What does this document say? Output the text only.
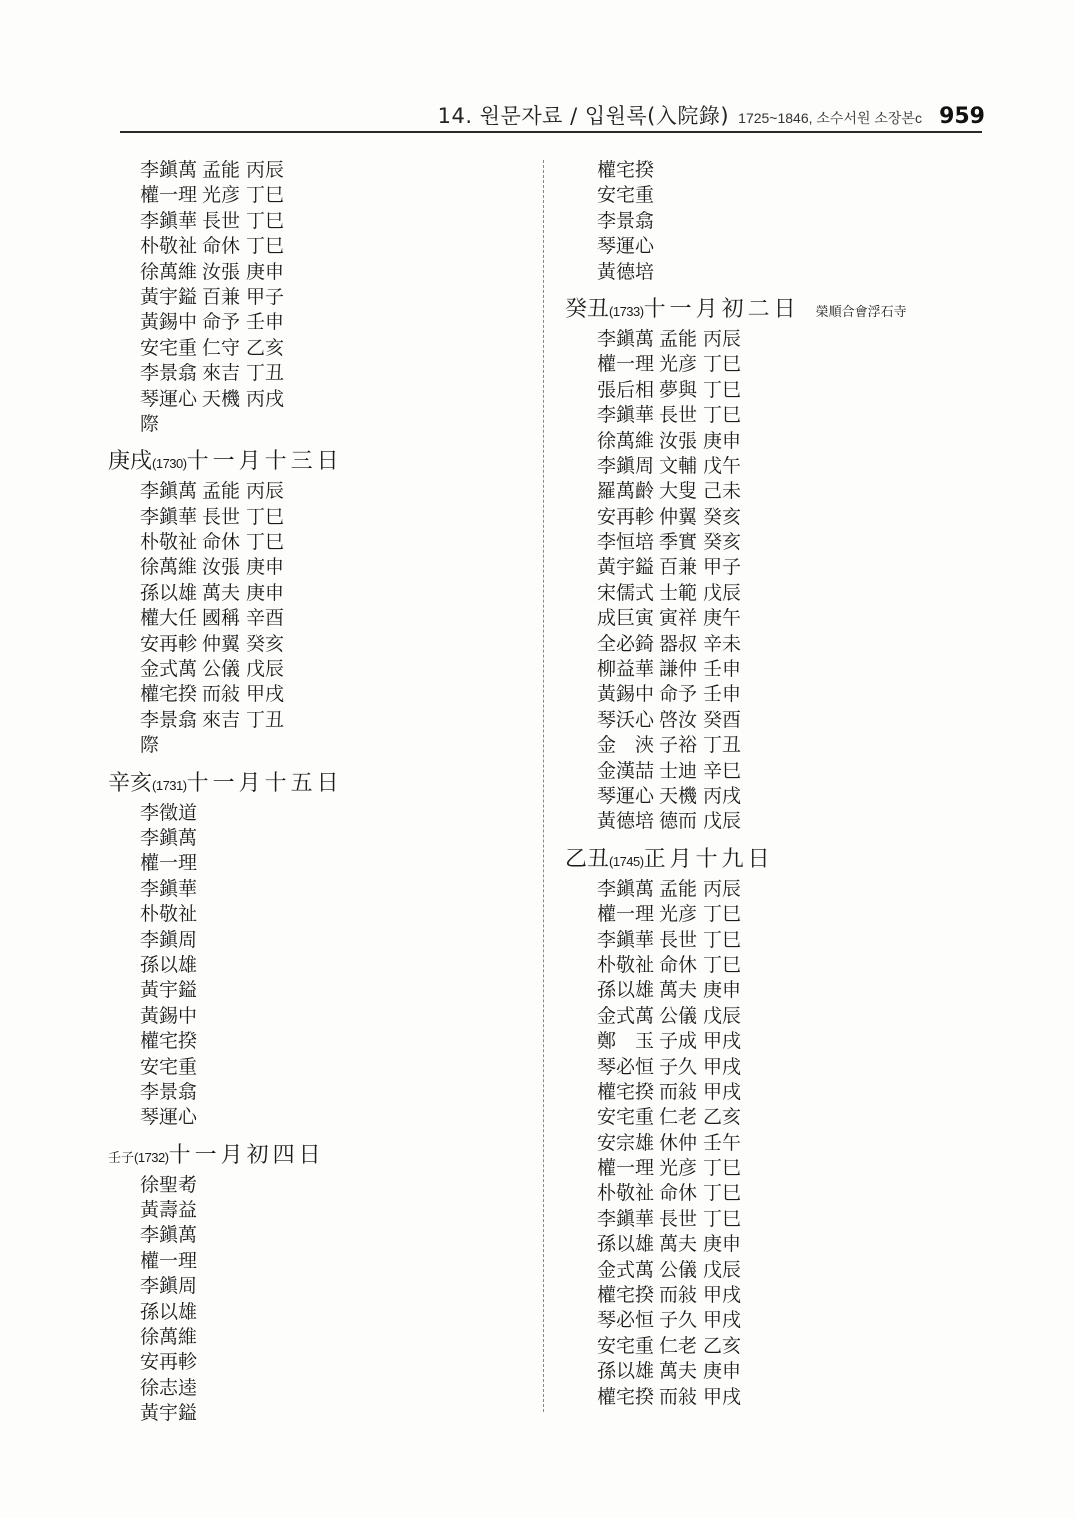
14. 원문자료 / 입원록(入院錄) 1725~1846, 소수서원 소장본c 959
李鎭萬 孟能 丙辰
權一理 光彦 丁巳
李鎭華 長世 丁巳
朴敬祉 命休 丁巳
徐萬維 汝張 庚申
黃宇鎰 百兼 甲子
黃錫中 命予 壬申
安宅重 仁守 乙亥
李景翕 來吉 丁丑
琴運心 天機 丙戌
際
庚戌(1730)十一月十三日
李鎭萬 孟能 丙辰
李鎭華 長世 丁巳
朴敬祉 命休 丁巳
徐萬維 汝張 庚申
孫以雄 萬夫 庚申
權大任 國稱 辛酉
安再軫 仲翼 癸亥
金式萬 公儀 戊辰
權宅揆 而敍 甲戌
李景翕 來吉 丁丑
際
辛亥(1731)十一月十五日
李徵道
李鎭萬
權一理
李鎭華
朴敬祉
李鎭周
孫以雄
黃宇鎰
黃錫中
權宅揆
安宅重
李景翕
琴運心
壬子(1732)十一月初四日
徐聖耇
黃壽益
李鎭萬
權一理
李鎭周
孫以雄
徐萬維
安再軫
徐志逵
黃宇鎰
權宅揆
安宅重
李景翕
琴運心
黃德培
癸丑(1733)十一月初二日 榮順合會浮石寺
李鎭萬 孟能 丙辰
權一理 光彦 丁巳
張后相 夢與 丁巳
李鎭華 長世 丁巳
徐萬維 汝張 庚申
李鎭周 文輔 戊午
羅萬齡 大叟 己未
安再軫 仲翼 癸亥
李恒培 季實 癸亥
黃宇鎰 百兼 甲子
宋儒式 士範 戊辰
成巨寅 寅祥 庚午
全必錡 器叔 辛未
柳益華 謙仲 壬申
黃錫中 命予 壬申
琴沃心 啓汝 癸酉
金　浹 子裕 丁丑
金漢喆 士迪 辛巳
琴運心 天機 丙戌
黃德培 德而 戊辰
乙丑(1745)正月十九日
李鎭萬 孟能 丙辰
權一理 光彦 丁巳
李鎭華 長世 丁巳
朴敬祉 命休 丁巳
孫以雄 萬夫 庚申
金式萬 公儀 戊辰
鄭　玉 子成 甲戌
琴必恒 子久 甲戌
權宅揆 而敍 甲戌
安宅重 仁老 乙亥
安宗雄 休仲 壬午
權一理 光彦 丁巳
朴敬祉 命休 丁巳
李鎭華 長世 丁巳
孫以雄 萬夫 庚申
金式萬 公儀 戊辰
權宅揆 而敍 甲戌
琴必恒 子久 甲戌
安宅重 仁老 乙亥
孫以雄 萬夫 庚申
權宅揆 而敍 甲戌
